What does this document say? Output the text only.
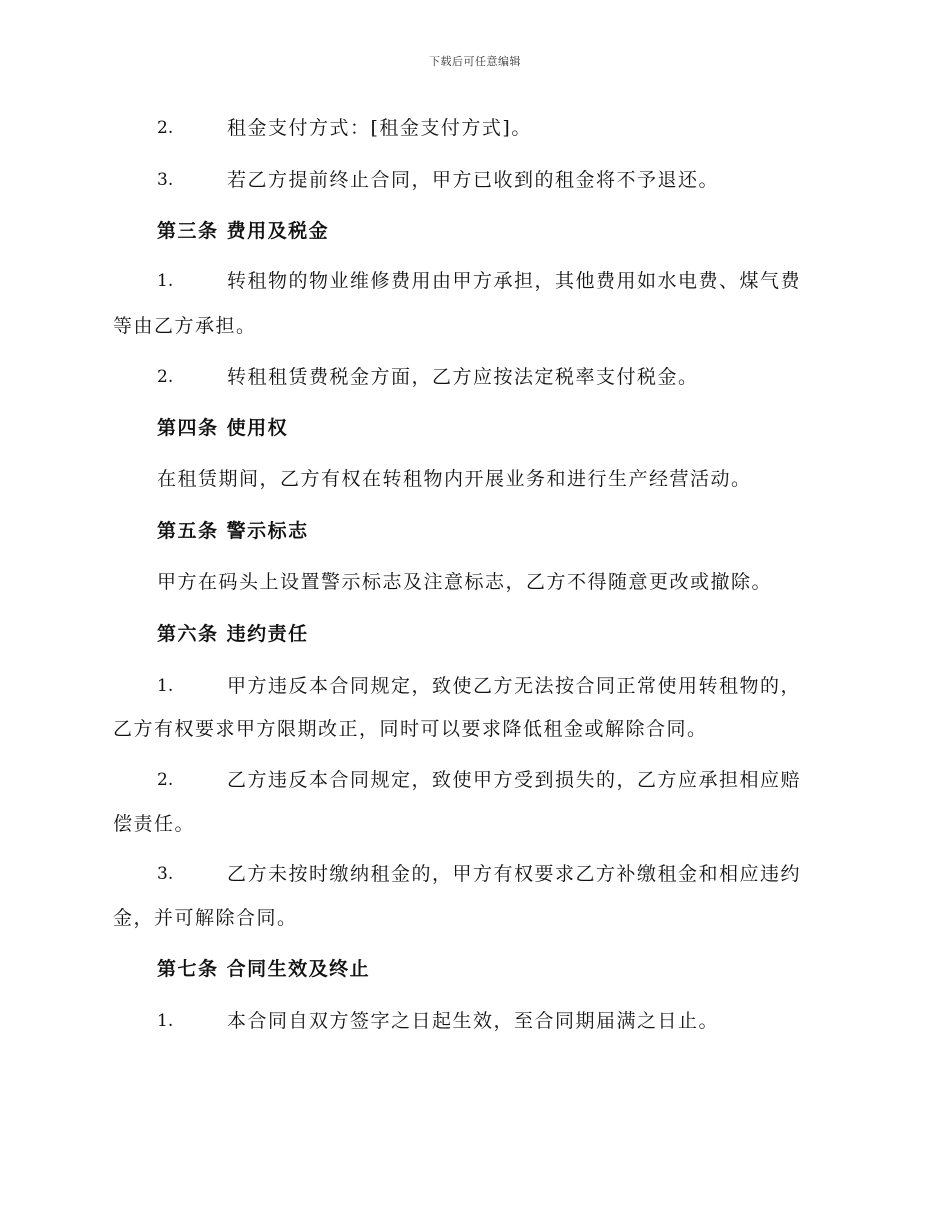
下载后可任意编辑
2.	租金支付方式：[租金支付方式]。
3.	若乙方提前终止合同，甲方已收到的租金将不予退还。
第三条 费用及税金
1.	转租物的物业维修费用由甲方承担，其他费用如水电费、煤气费
等由乙方承担。
2.	转租租赁费税金方面，乙方应按法定税率支付税金。
第四条 使用权
在租赁期间，乙方有权在转租物内开展业务和进行生产经营活动。
第五条 警示标志
甲方在码头上设置警示标志及注意标志，乙方不得随意更改或撤除。
第六条 违约责任
1.	甲方违反本合同规定，致使乙方无法按合同正常使用转租物的，
乙方有权要求甲方限期改正，同时可以要求降低租金或解除合同。
2.	乙方违反本合同规定，致使甲方受到损失的，乙方应承担相应赔
偿责任。
3.	乙方未按时缴纳租金的，甲方有权要求乙方补缴租金和相应违约
金，并可解除合同。
第七条 合同生效及终止
1.	本合同自双方签字之日起生效，至合同期届满之日止。
